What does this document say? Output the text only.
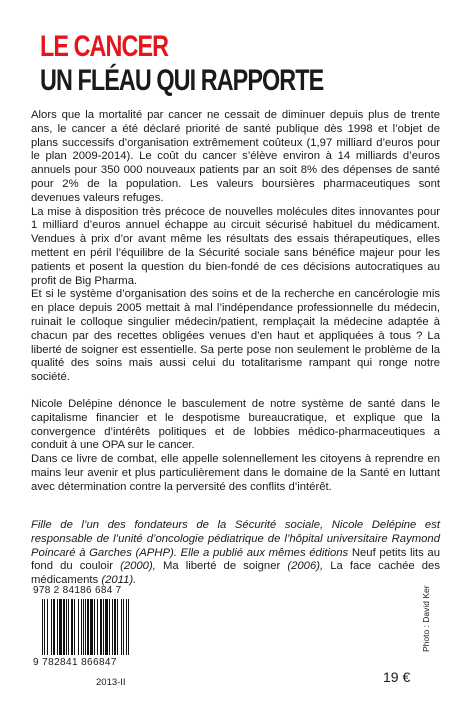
LE CANCER
UN FLÉAU QUI RAPPORTE

Alors que la mortalité par cancer ne cessait de diminuer depuis plus de trente ans, le cancer a été déclaré priorité de santé publique dès 1998 et l’objet de plans successifs d’organisation extrêmement coûteux (1,97 milliard d’euros pour le plan 2009-2014). Le coût du cancer s’élève environ à 14 milliards d’euros annuels pour 350 000 nouveaux patients par an soit 8% des dépenses de santé pour 2% de la population. Les valeurs boursières pharmaceutiques sont devenues valeurs refuges.

La mise à disposition très précoce de nouvelles molécules dites innovantes pour 1 milliard d’euros annuel échappe au circuit sécurisé habituel du médicament. Vendues à prix d’or avant même les résultats des essais thérapeutiques, elles mettent en péril l’équilibre de la Sécurité sociale sans bénéfice majeur pour les patients et posent la question du bien-fondé de ces décisions autocratiques au profit de Big Pharma.

Et si le système d’organisation des soins et de la recherche en cancérologie mis en place depuis 2005 mettait à mal l’indépendance professionnelle du médecin, ruinait le colloque singulier médecin/patient, remplaçait la médecine adaptée à chacun par des recettes obligées venues d’en haut et appliquées à tous ? La liberté de soigner est essentielle. Sa perte pose non seulement le problème de la qualité des soins mais aussi celui du totalitarisme rampant qui ronge notre société.

Nicole Delépine dénonce le basculement de notre système de santé dans le capitalisme financier et le despotisme bureaucratique, et explique que la convergence d’intérêts politiques et de lobbies médico-pharmaceutiques a conduit à une OPA sur le cancer.

Dans ce livre de combat, elle appelle solennellement les citoyens à reprendre en mains leur avenir et plus particulièrement dans le domaine de la Santé en luttant avec détermination contre la perversité des conflits d’intérêt.

Fille de l’un des fondateurs de la Sécurité sociale, Nicole Delépine est responsable de l’unité d’oncologie pédiatrique de l’hôpital universitaire Raymond Poincaré à Garches (APHP). Elle a publié aux mêmes éditions Neuf petits lits au fond du couloir (2000), Ma liberté de soigner (2006), La face cachée des médicaments (2011).

978 2 84186 684 7
9 782841 866847
2013-II	19 €
Photo : David Ker
